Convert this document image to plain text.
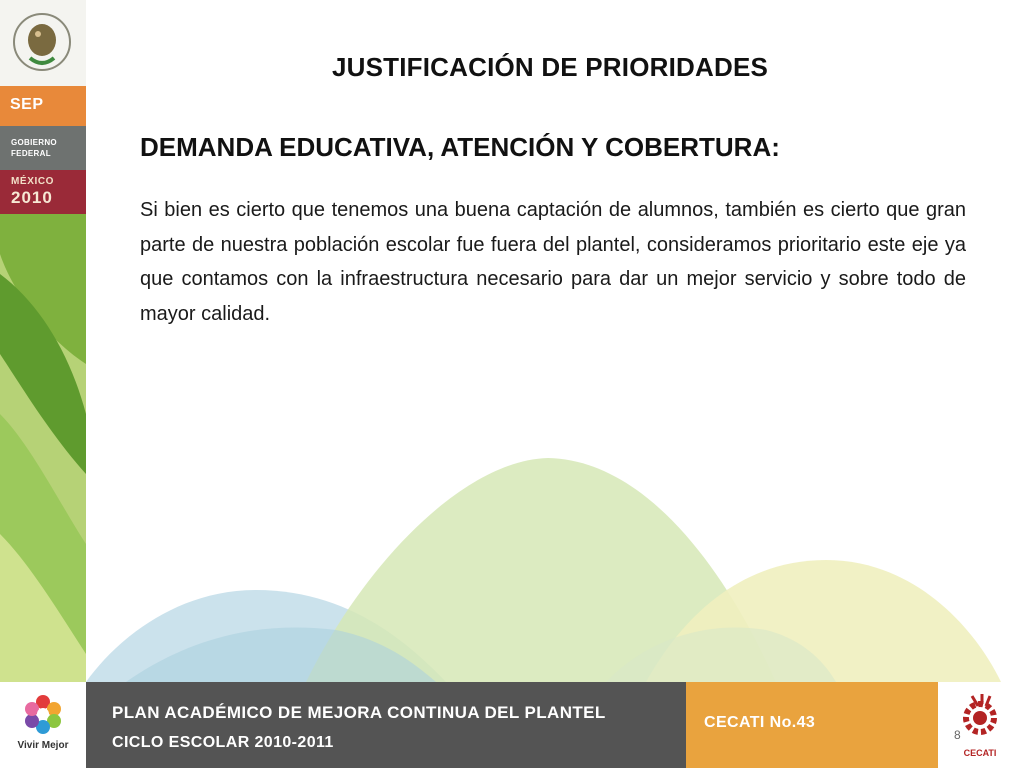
SEP
GOBIERNO
FEDERAL
MÉXICO
2010
JUSTIFICACIÓN DE PRIORIDADES
DEMANDA EDUCATIVA, ATENCIÓN Y COBERTURA:
Si bien es cierto que tenemos una buena captación de alumnos, también es cierto que gran parte de nuestra población escolar fue fuera del plantel, consideramos prioritario este eje ya que contamos con la infraestructura necesario para dar un mejor servicio y sobre todo de mayor calidad.
Vivir Mejor
PLAN ACADÉMICO DE MEJORA CONTINUA DEL PLANTEL
CICLO ESCOLAR 2010-2011
CECATI No.43
CECATI
8
